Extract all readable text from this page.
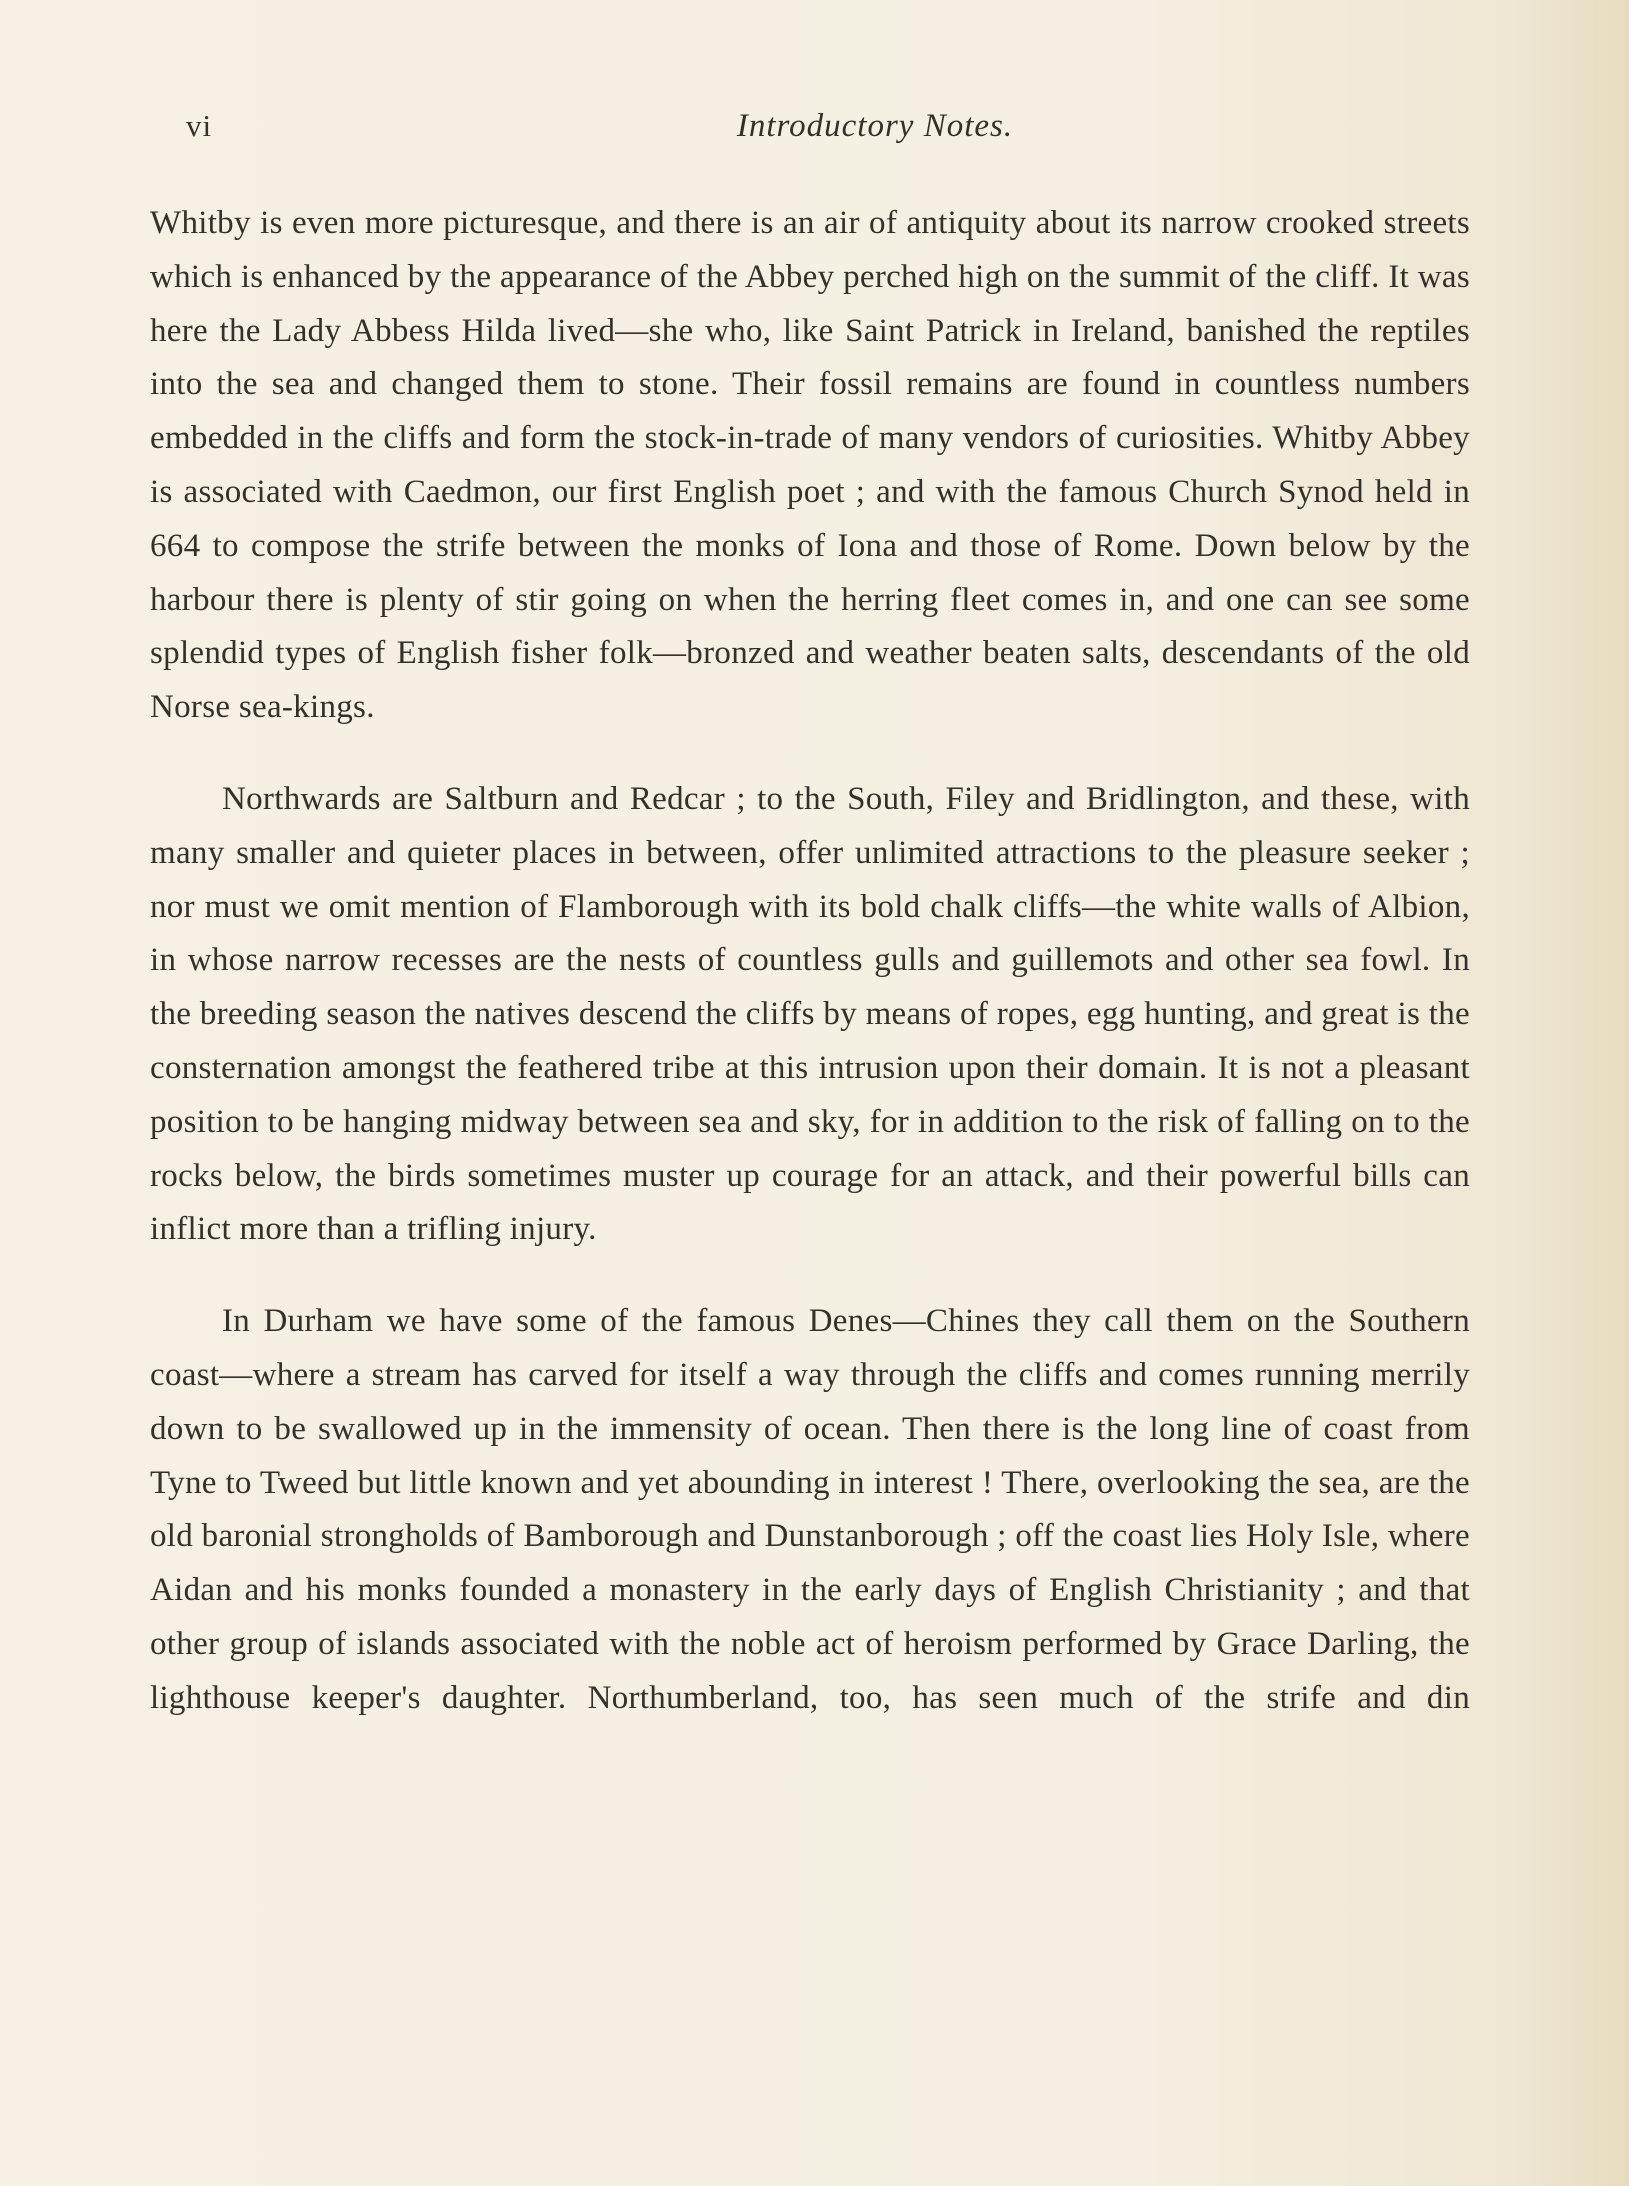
vi	Introductory Notes.

Whitby is even more picturesque, and there is an air of antiquity about its narrow crooked streets which is enhanced by the appearance of the Abbey perched high on the summit of the cliff. It was here the Lady Abbess Hilda lived—she who, like Saint Patrick in Ireland, banished the reptiles into the sea and changed them to stone. Their fossil remains are found in countless numbers embedded in the cliffs and form the stock-in-trade of many vendors of curiosities. Whitby Abbey is associated with Caedmon, our first English poet ; and with the famous Church Synod held in 664 to compose the strife between the monks of Iona and those of Rome. Down below by the harbour there is plenty of stir going on when the herring fleet comes in, and one can see some splendid types of English fisher folk—bronzed and weather beaten salts, descendants of the old Norse sea-kings.

Northwards are Saltburn and Redcar ; to the South, Filey and Bridlington, and these, with many smaller and quieter places in between, offer unlimited attractions to the pleasure seeker ; nor must we omit mention of Flamborough with its bold chalk cliffs—the white walls of Albion, in whose narrow recesses are the nests of countless gulls and guillemots and other sea fowl. In the breeding season the natives descend the cliffs by means of ropes, egg hunting, and great is the consternation amongst the feathered tribe at this intrusion upon their domain. It is not a pleasant position to be hanging midway between sea and sky, for in addition to the risk of falling on to the rocks below, the birds sometimes muster up courage for an attack, and their powerful bills can inflict more than a trifling injury.

In Durham we have some of the famous Denes—Chines they call them on the Southern coast—where a stream has carved for itself a way through the cliffs and comes running merrily down to be swallowed up in the immensity of ocean. Then there is the long line of coast from Tyne to Tweed but little known and yet abounding in interest ! There, overlooking the sea, are the old baronial strongholds of Bamborough and Dunstanborough ; off the coast lies Holy Isle, where Aidan and his monks founded a monastery in the early days of English Christianity ; and that other group of islands associated with the noble act of heroism performed by Grace Darling, the lighthouse keeper's daughter. Northumberland, too, has seen much of the strife and din
